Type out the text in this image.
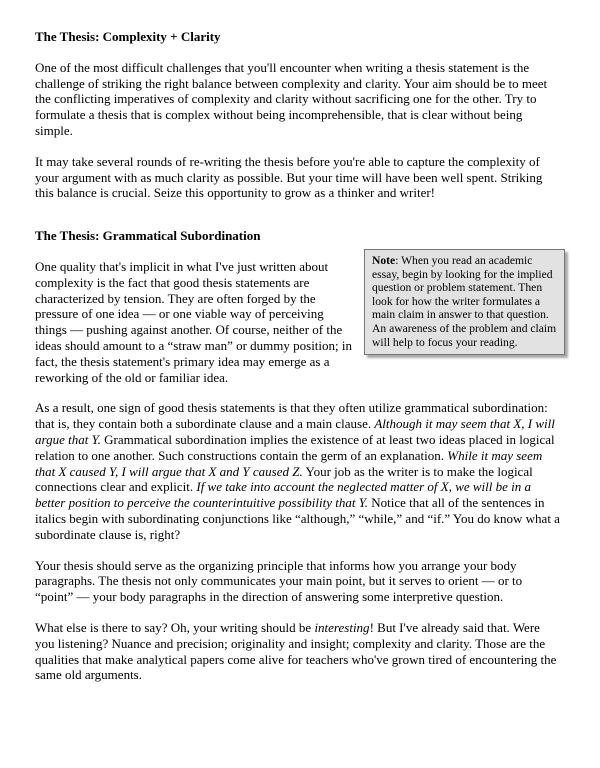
The Thesis: Complexity + Clarity

One of the most difficult challenges that you'll encounter when writing a thesis statement is the challenge of striking the right balance between complexity and clarity. Your aim should be to meet the conflicting imperatives of complexity and clarity without sacrificing one for the other. Try to formulate a thesis that is complex without being incomprehensible, that is clear without being simple.

It may take several rounds of re-writing the thesis before you're able to capture the complexity of your argument with as much clarity as possible. But your time will have been well spent. Striking this balance is crucial. Seize this opportunity to grow as a thinker and writer!

The Thesis: Grammatical Subordination
Note: When you read an academic essay, begin by looking for the implied question or problem statement. Then look for how the writer formulates a main claim in answer to that question. An awareness of the problem and claim will help to focus your reading.

One quality that's implicit in what I've just written about complexity is the fact that good thesis statements are characterized by tension. They are often forged by the pressure of one idea — or one viable way of perceiving things — pushing against another. Of course, neither of the ideas should amount to a “straw man” or dummy position; in fact, the thesis statement's primary idea may emerge as a reworking of the old or familiar idea.

As a result, one sign of good thesis statements is that they often utilize grammatical subordination: that is, they contain both a subordinate clause and a main clause. Although it may seem that X, I will argue that Y. Grammatical subordination implies the existence of at least two ideas placed in logical relation to one another. Such constructions contain the germ of an explanation. While it may seem that X caused Y, I will argue that X and Y caused Z. Your job as the writer is to make the logical connections clear and explicit. If we take into account the neglected matter of X, we will be in a better position to perceive the counterintuitive possibility that Y. Notice that all of the sentences in italics begin with subordinating conjunctions like “although,” “while,” and “if.” You do know what a subordinate clause is, right?

Your thesis should serve as the organizing principle that informs how you arrange your body paragraphs. The thesis not only communicates your main point, but it serves to orient — or to “point” — your body paragraphs in the direction of answering some interpretive question.

What else is there to say? Oh, your writing should be interesting! But I've already said that. Were you listening? Nuance and precision; originality and insight; complexity and clarity. Those are the qualities that make analytical papers come alive for teachers who've grown tired of encountering the same old arguments.
